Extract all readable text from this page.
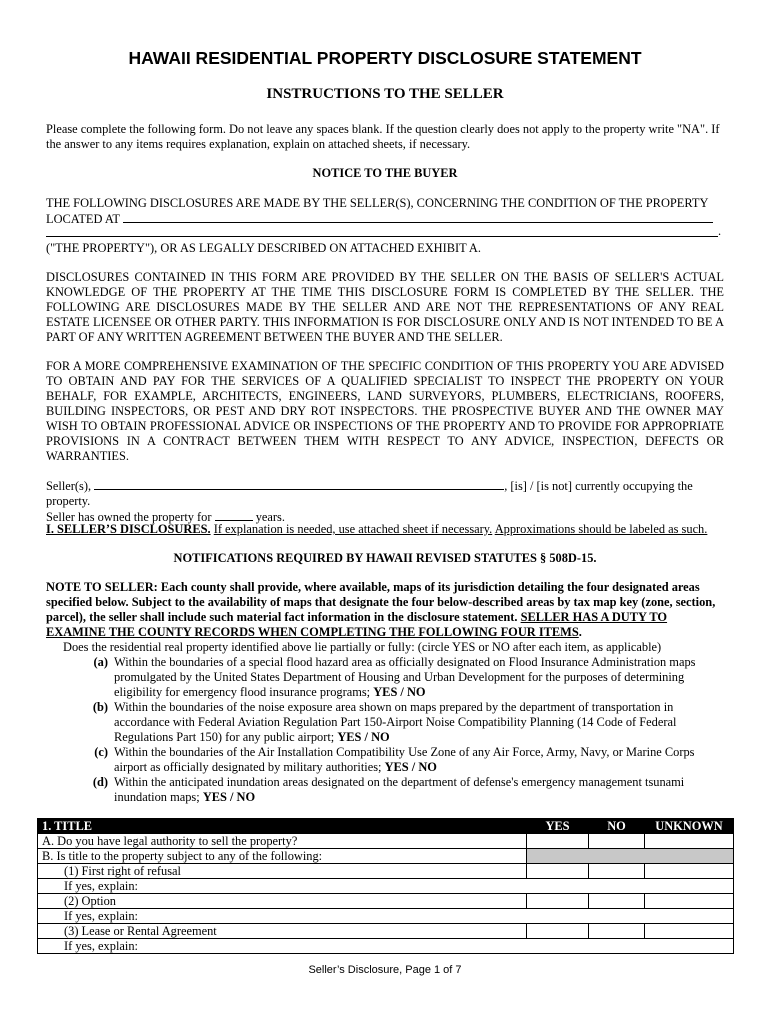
HAWAII RESIDENTIAL PROPERTY DISCLOSURE STATEMENT
INSTRUCTIONS TO THE SELLER
Please complete the following form. Do not leave any spaces blank. If the question clearly does not apply to the property write "NA". If the answer to any items requires explanation, explain on attached sheets, if necessary.
NOTICE TO THE BUYER
THE FOLLOWING DISCLOSURES ARE MADE BY THE SELLER(S), CONCERNING THE CONDITION OF THE PROPERTY
LOCATED AT
.
("THE PROPERTY"), OR AS LEGALLY DESCRIBED ON ATTACHED EXHIBIT A.
DISCLOSURES CONTAINED IN THIS FORM ARE PROVIDED BY THE SELLER ON THE BASIS OF SELLER'S ACTUAL KNOWLEDGE OF THE PROPERTY AT THE TIME THIS DISCLOSURE FORM IS COMPLETED BY THE SELLER. THE FOLLOWING ARE DISCLOSURES MADE BY THE SELLER AND ARE NOT THE REPRESENTATIONS OF ANY REAL ESTATE LICENSEE OR OTHER PARTY. THIS INFORMATION IS FOR DISCLOSURE ONLY AND IS NOT INTENDED TO BE A PART OF ANY WRITTEN AGREEMENT BETWEEN THE BUYER AND THE SELLER.
FOR A MORE COMPREHENSIVE EXAMINATION OF THE SPECIFIC CONDITION OF THIS PROPERTY YOU ARE ADVISED TO OBTAIN AND PAY FOR THE SERVICES OF A QUALIFIED SPECIALIST TO INSPECT THE PROPERTY ON YOUR BEHALF, FOR EXAMPLE, ARCHITECTS, ENGINEERS, LAND SURVEYORS, PLUMBERS, ELECTRICIANS, ROOFERS, BUILDING INSPECTORS, OR PEST AND DRY ROT INSPECTORS. THE PROSPECTIVE BUYER AND THE OWNER MAY WISH TO OBTAIN PROFESSIONAL ADVICE OR INSPECTIONS OF THE PROPERTY AND TO PROVIDE FOR APPROPRIATE PROVISIONS IN A CONTRACT BETWEEN THEM WITH RESPECT TO ANY ADVICE, INSPECTION, DEFECTS OR WARRANTIES.
Seller(s),	, [is] / [is not] currently occupying the property.
Seller has owned the property for	years.
I. SELLER’S DISCLOSURES. If explanation is needed, use attached sheet if necessary. Approximations should be labeled as such.
NOTIFICATIONS REQUIRED BY HAWAII REVISED STATUTES § 508D-15.
NOTE TO SELLER: Each county shall provide, where available, maps of its jurisdiction detailing the four designated areas specified below. Subject to the availability of maps that designate the four below-described areas by tax map key (zone, section, parcel), the seller shall include such material fact information in the disclosure statement. SELLER HAS A DUTY TO EXAMINE THE COUNTY RECORDS WHEN COMPLETING THE FOLLOWING FOUR ITEMS.
Does the residential real property identified above lie partially or fully: (circle YES or NO after each item, as applicable)
(a) Within the boundaries of a special flood hazard area as officially designated on Flood Insurance Administration maps promulgated by the United States Department of Housing and Urban Development for the purposes of determining eligibility for emergency flood insurance programs; YES / NO
(b) Within the boundaries of the noise exposure area shown on maps prepared by the department of transportation in accordance with Federal Aviation Regulation Part 150-Airport Noise Compatibility Planning (14 Code of Federal Regulations Part 150) for any public airport; YES / NO
(c) Within the boundaries of the Air Installation Compatibility Use Zone of any Air Force, Army, Navy, or Marine Corps airport as officially designated by military authorities; YES / NO
(d) Within the anticipated inundation areas designated on the department of defense's emergency management tsunami inundation maps; YES / NO
1. TITLE	YES	NO	UNKNOWN
A. Do you have legal authority to sell the property?			
B. Is title to the property subject to any of the following:			
(1) First right of refusal			
If yes, explain:			
(2) Option			
If yes, explain:			
(3) Lease or Rental Agreement			
If yes, explain:			
Seller’s Disclosure, Page 1 of 7
